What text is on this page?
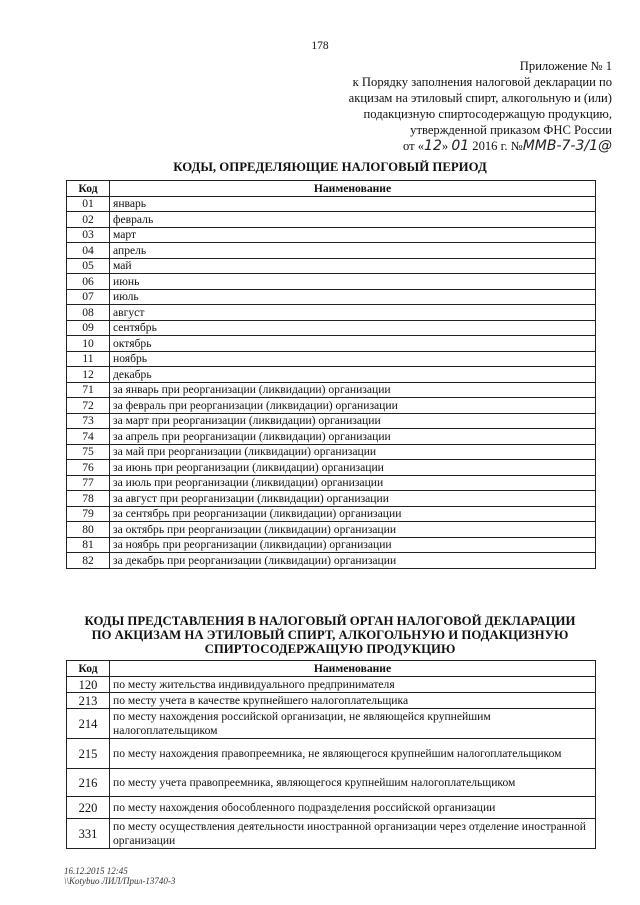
178
Приложение № 1
к Порядку заполнения налоговой декларации по
акцизам на этиловый спирт, алкогольную и (или)
подакцизную спиртосодержащую продукцию,
утвержденной приказом ФНС России
от «12» 01 2016 г. №ММВ-7-3/1@
КОДЫ, ОПРЕДЕЛЯЮЩИЕ НАЛОГОВЫЙ ПЕРИОД
Код	Наименование
01	январь
02	февраль
03	март
04	апрель
05	май
06	июнь
07	июль
08	август
09	сентябрь
10	октябрь
11	ноябрь
12	декабрь
71	за январь при реорганизации (ликвидации) организации
72	за февраль при реорганизации (ликвидации) организации
73	за март при реорганизации (ликвидации) организации
74	за апрель при реорганизации (ликвидации) организации
75	за май при реорганизации (ликвидации) организации
76	за июнь при реорганизации (ликвидации) организации
77	за июль при реорганизации (ликвидации) организации
78	за август при реорганизации (ликвидации) организации
79	за сентябрь при реорганизации (ликвидации) организации
80	за октябрь при реорганизации (ликвидации) организации
81	за ноябрь при реорганизации (ликвидации) организации
82	за декабрь при реорганизации (ликвидации) организации
КОДЫ ПРЕДСТАВЛЕНИЯ В НАЛОГОВЫЙ ОРГАН НАЛОГОВОЙ ДЕКЛАРАЦИИ
ПО АКЦИЗАМ НА ЭТИЛОВЫЙ СПИРТ, АЛКОГОЛЬНУЮ И ПОДАКЦИЗНУЮ
СПИРТОСОДЕРЖАЩУЮ ПРОДУКЦИЮ
Код	Наименование
120	по месту жительства индивидуального предпринимателя
213	по месту учета в качестве крупнейшего налогоплательщика
214	по месту нахождения российской организации, не являющейся крупнейшим налогоплательщиком
215	по месту нахождения правопреемника, не являющегося крупнейшим налогоплательщиком
216	по месту учета правопреемника, являющегося крупнейшим налогоплательщиком
220	по месту нахождения обособленного подразделения российской организации
331	по месту осуществления деятельности иностранной организации через отделение иностранной организации
16.12.2015 12:45
\\Kotybuo ЛИЛ/Прил-13740-3
